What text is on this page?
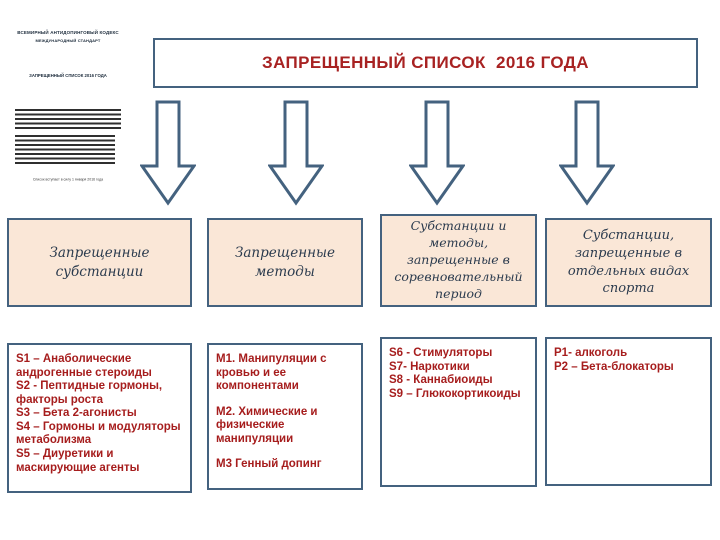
ВСЕМИРНЫЙ АНТИДОПИНГОВЫЙ КОДЕКС
МЕЖДУНАРОДНЫЙ СТАНДАРТ
ЗАПРЕЩЕННЫЙ СПИСОК 2016 ГОДА
Список вступает в силу 1 января 2016 года
ЗАПРЕЩЕННЫЙ СПИСОК  2016 ГОДА
Запрещенные субстанции
Запрещенные методы
Субстанции и методы, запрещенные в соревновательный период
Субстанции, запрещенные в отдельных видах спорта

S1 – Анаболические андрогенные стероиды

S2 - Пептидные гормоны, факторы роста

S3 – Бета 2-агонисты

S4 – Гормоны и модуляторы метаболизма

S5 – Диуретики и маскирующие агенты

M1. Манипуляции с кровью и ее компонентами

M2. Химические и физические манипуляции

M3 Генный допинг

S6 - Стимуляторы

S7- Наркотики

S8 - Каннабиоиды

S9 – Глюкокортикоиды

P1- алкоголь

P2 – Бета-блокаторы
